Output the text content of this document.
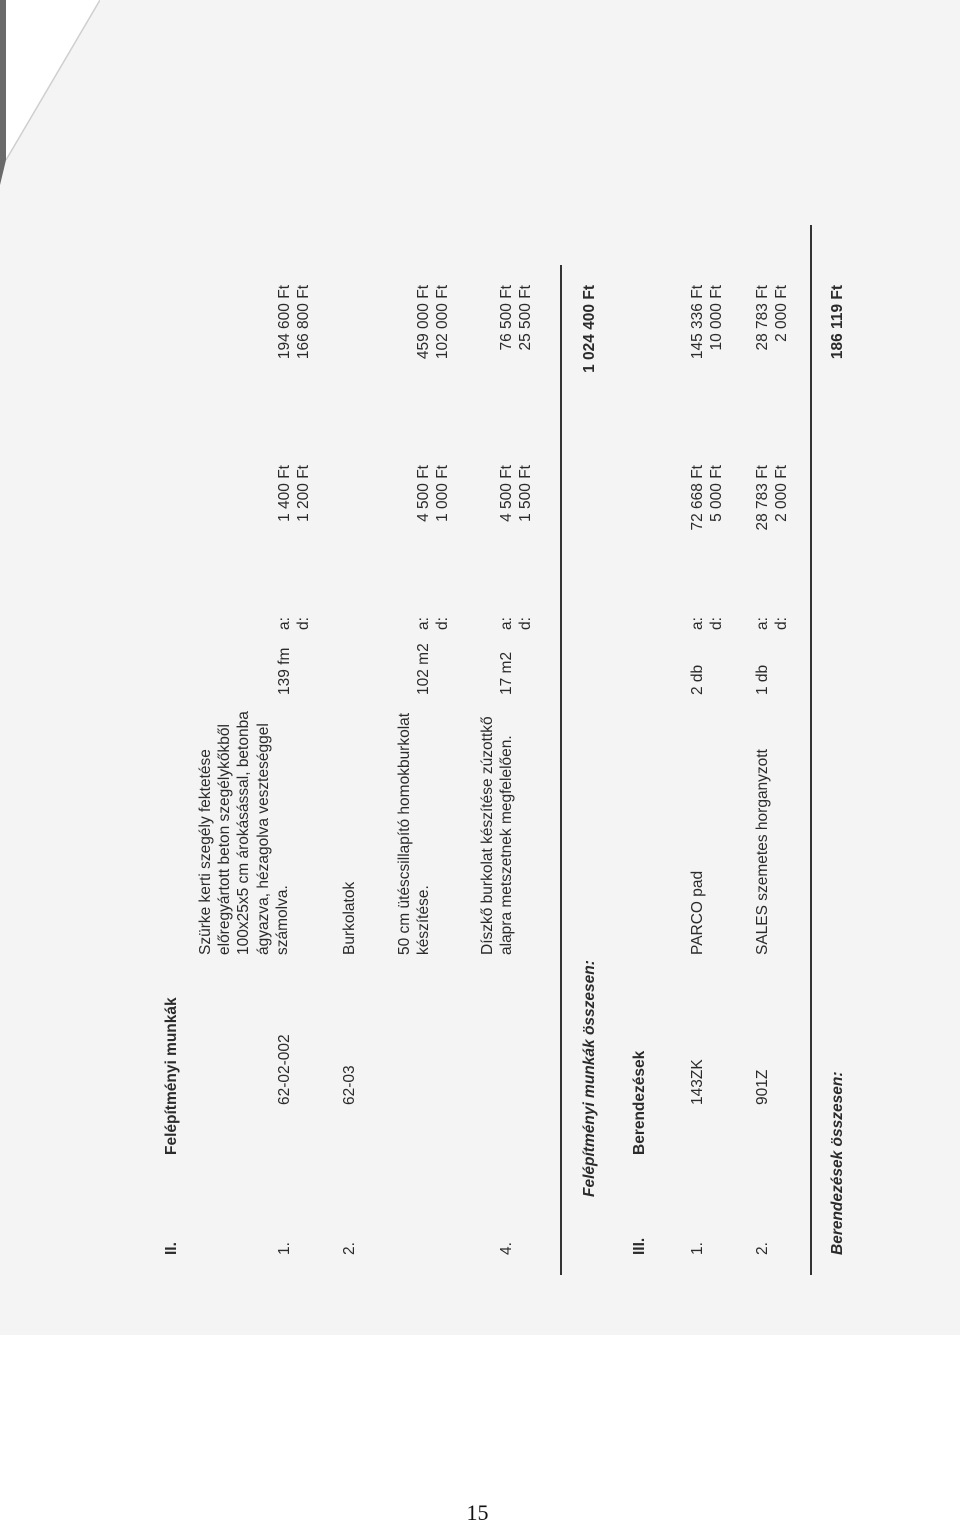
II.
Felépítményi munkák
1.
62-02-002
Szürke kerti szegély fektetése előregyártott beton szegélykőkből 100x25x5 cm árokásással, betonba ágyazva, hézagolva veszteséggel számolva.
139 fm
a: d:
1 400 Ft 1 200 Ft
194 600 Ft 166 800 Ft
2.
62-03
Burkolatok 50 cm ütéscsillapító homokburkolat készítése.
102 m2
a: d:
4 500 Ft 1 000 Ft
459 000 Ft 102 000 Ft
4.
Díszkő burkolat készítése zúzottkő alapra metszetnek megfelelően.
17 m2
a: d:
4 500 Ft 1 500 Ft
76 500 Ft 25 500 Ft
Felépítményi munkák összesen:
1 024 400 Ft
III.
Berendezések
1.
143ZK
PARCO pad
2 db
a: d:
72 668 Ft 5 000 Ft
145 336 Ft 10 000 Ft
2.
901Z
SALES szemetes horganyzott
1 db
a: d:
28 783 Ft 2 000 Ft
28 783 Ft 2 000 Ft
Berendezések összesen:
186 119 Ft
15
